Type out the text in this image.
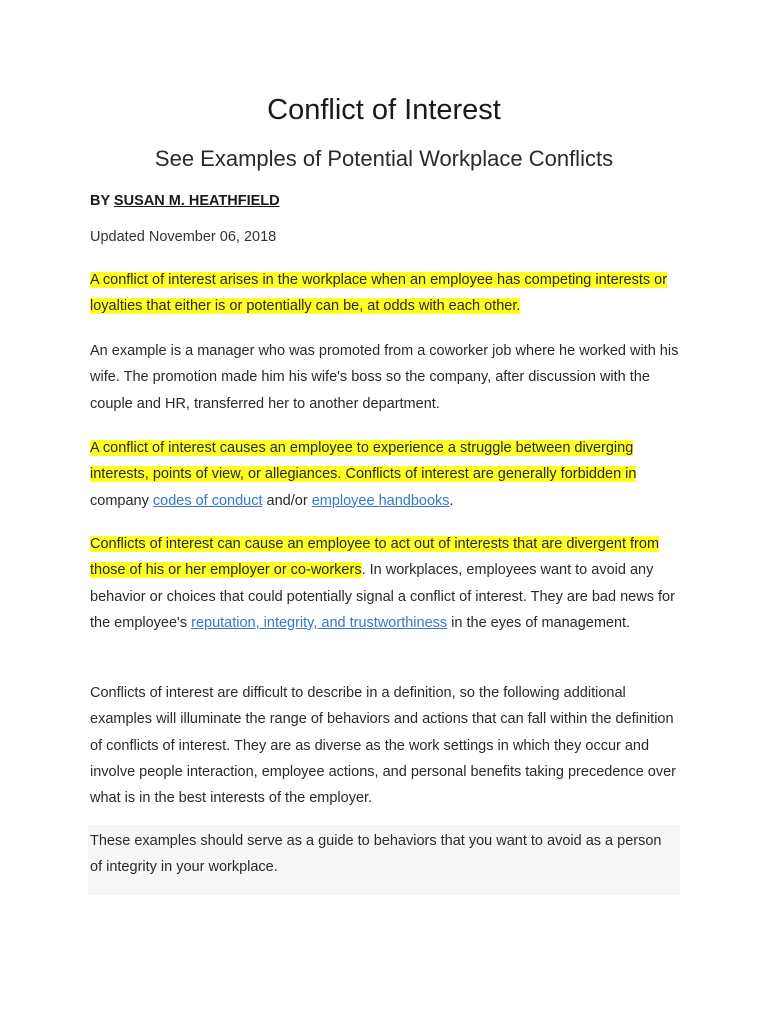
Conflict of Interest
See Examples of Potential Workplace Conflicts
BY SUSAN M. HEATHFIELD
Updated November 06, 2018

A conflict of interest arises in the workplace when an employee has competing interests or loyalties that either is or potentially can be, at odds with each other.

An example is a manager who was promoted from a coworker job where he worked with his wife. The promotion made him his wife's boss so the company, after discussion with the couple and HR, transferred her to another department.

A conflict of interest causes an employee to experience a struggle between diverging interests, points of view, or allegiances. Conflicts of interest are generally forbidden in company codes of conduct and/or employee handbooks.

Conflicts of interest can cause an employee to act out of interests that are divergent from those of his or her employer or co-workers. In workplaces, employees want to avoid any behavior or choices that could potentially signal a conflict of interest. They are bad news for the employee's reputation, integrity, and trustworthiness in the eyes of management.

Conflicts of interest are difficult to describe in a definition, so the following additional examples will illuminate the range of behaviors and actions that can fall within the definition of conflicts of interest. They are as diverse as the work settings in which they occur and involve people interaction, employee actions, and personal benefits taking precedence over what is in the best interests of the employer.

These examples should serve as a guide to behaviors that you want to avoid as a person of integrity in your workplace.
